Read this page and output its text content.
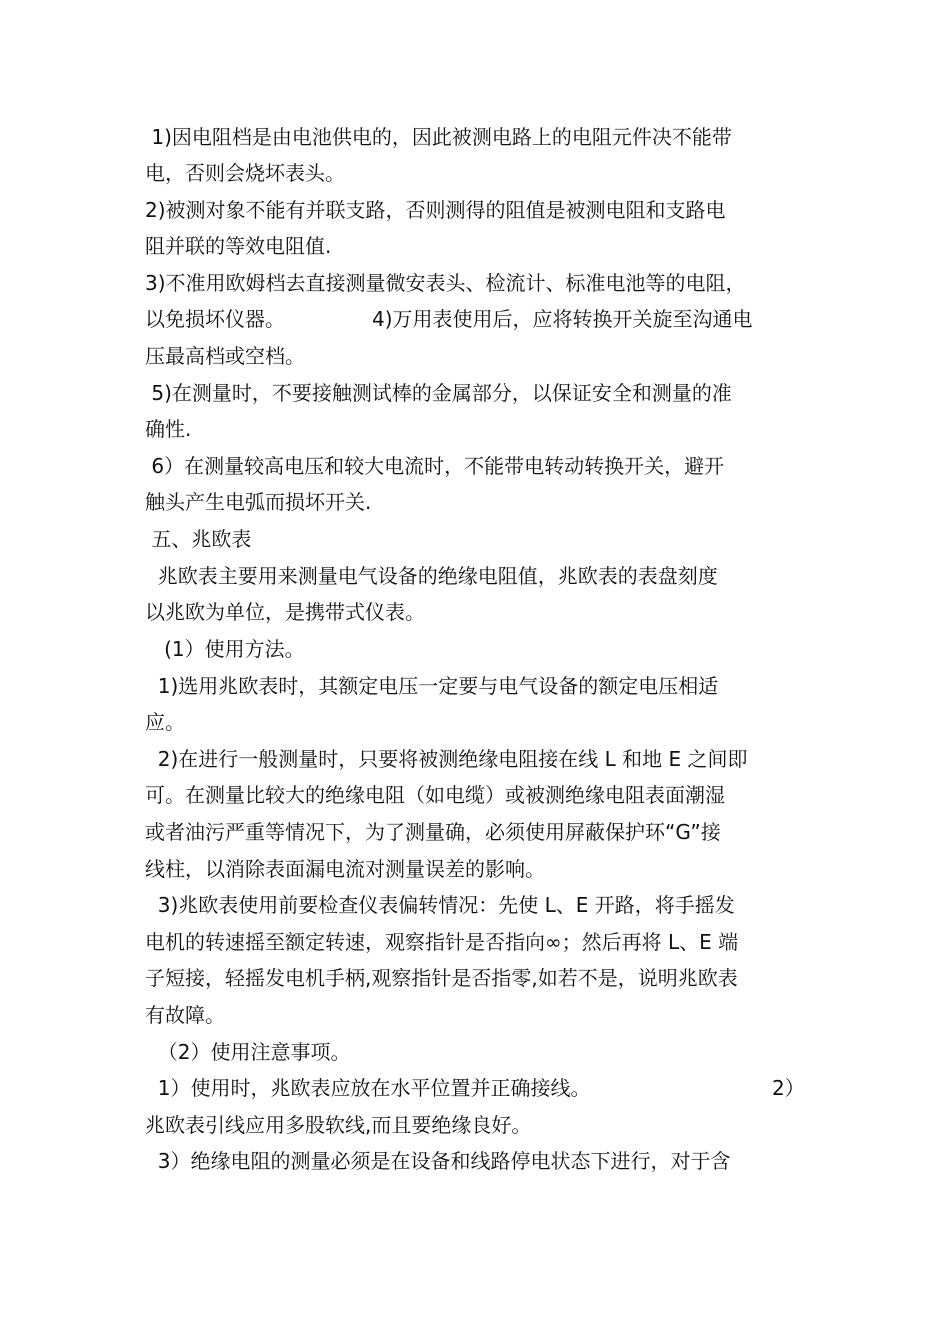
1)因电阻档是由电池供电的，因此被测电路上的电阻元件决不能带
电，否则会烧坏表头。
2)被测对象不能有并联支路，否则测得的阻值是被测电阻和支路电
阻并联的等效电阻值.
3)不准用欧姆档去直接测量微安表头、检流计、标准电池等的电阻，
以免损坏仪器。	4)万用表使用后，应将转换开关旋至沟通电
压最高档或空档。
5)在测量时，不要接触测试棒的金属部分，以保证安全和测量的准
确性.
6）在测量较高电压和较大电流时，不能带电转动转换开关，避开
触头产生电弧而损坏开关.
五、兆欧表
兆欧表主要用来测量电气设备的绝缘电阻值，兆欧表的表盘刻度
以兆欧为单位，是携带式仪表。
(1）使用方法。
1)选用兆欧表时，其额定电压一定要与电气设备的额定电压相适
应。
2)在进行一般测量时，只要将被测绝缘电阻接在线 L 和地 E 之间即
可。在测量比较大的绝缘电阻（如电缆）或被测绝缘电阻表面潮湿
或者油污严重等情况下，为了测量确，必须使用屏蔽保护环“G”接
线柱，以消除表面漏电流对测量误差的影响。
3)兆欧表使用前要检查仪表偏转情况：先使 L、E 开路，将手摇发
电机的转速摇至额定转速，观察指针是否指向∞；然后再将 L、E 端
子短接，轻摇发电机手柄,观察指针是否指零,如若不是，说明兆欧表
有故障。
（2）使用注意事项。
1）使用时，兆欧表应放在水平位置并正确接线。	2）
兆欧表引线应用多股软线,而且要绝缘良好。
3）绝缘电阻的测量必须是在设备和线路停电状态下进行，对于含
